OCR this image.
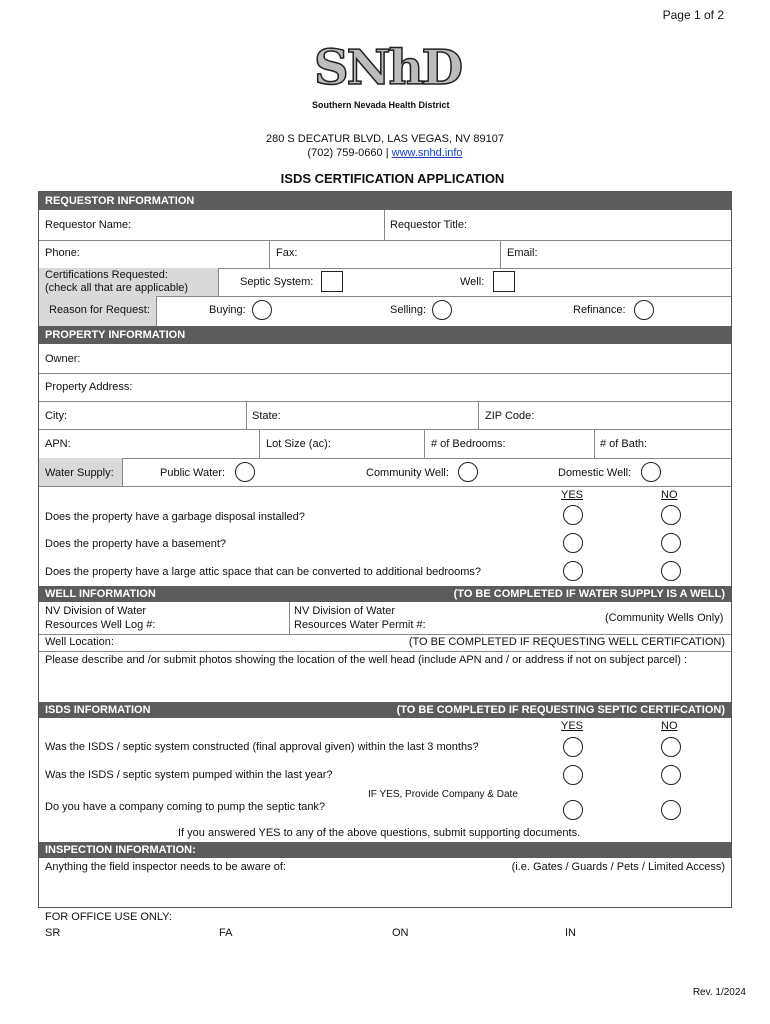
Page 1 of 2
SNhD
Southern Nevada Health District
280 S DECATUR BLVD, LAS VEGAS, NV 89107
(702) 759-0660 | www.snhd.info
ISDS CERTIFICATION APPLICATION
REQUESTOR INFORMATION
Requestor Name:	Requestor Title:
Phone:	Fax:	Email:
Certifications Requested:
(check all that are applicable)	Septic System:	Well:
Reason for Request:	Buying:	Selling:	Refinance:
PROPERTY INFORMATION
Owner:
Property Address:
City:	State:	ZIP Code:
APN:	Lot Size (ac):	# of Bedrooms:	# of Bath:
Water Supply:	Public Water:	Community Well:	Domestic Well:
YES	NO
Does the property have a garbage disposal installed?
Does the property have a basement?
Does the property have a large attic space that can be converted to additional bedrooms?
WELL INFORMATION	(TO BE COMPLETED IF WATER SUPPLY IS A WELL)
NV Division of Water
Resources Well Log #:
NV Division of Water
Resources Water Permit #:
(Community Wells Only)
Well Location:	(TO BE COMPLETED IF REQUESTING WELL CERTIFCATION)
Please describe and /or submit photos showing the location of the well head (include APN and / or address if not on subject parcel) :
ISDS INFORMATION	(TO BE COMPLETED IF REQUESTING SEPTIC CERTIFCATION)
YES	NO
Was the ISDS / septic system constructed (final approval given) within the last 3 months?
Was the ISDS / septic system pumped within the last year?
IF YES, Provide Company & Date
Do you have a company coming to pump the septic tank?
If you answered YES to any of the above questions, submit supporting documents.
INSPECTION INFORMATION:
Anything the field inspector needs to be aware of:	(i.e. Gates / Guards / Pets / Limited Access)
FOR OFFICE USE ONLY:
SR	FA	ON	IN
Rev. 1/2024
